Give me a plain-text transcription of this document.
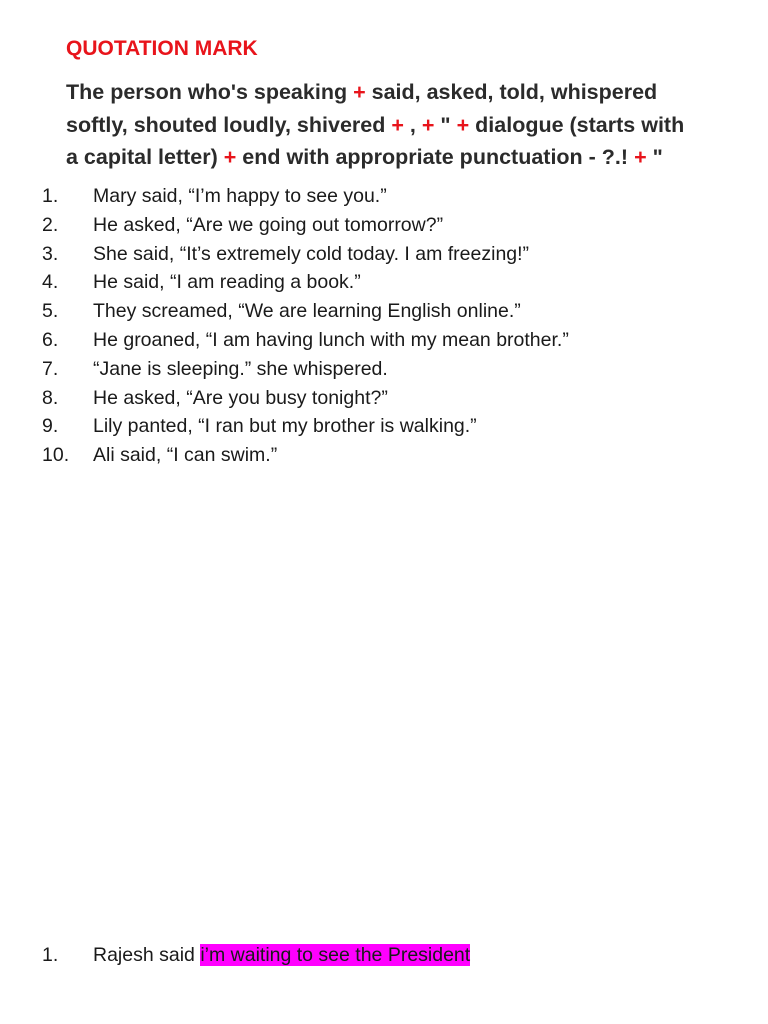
QUOTATION MARK
The person who's speaking + said, asked, told, whispered
softly, shouted loudly, shivered + , + " + dialogue (starts with
a capital letter) + end with appropriate punctuation - ?.! + "
1. Mary said, “I’m happy to see you.”
2. He asked, “Are we going out tomorrow?”
3. She said, “It’s extremely cold today. I am freezing!”
4. He said, “I am reading a book.”
5. They screamed, “We are learning English online.”
6. He groaned, “I am having lunch with my mean brother.”
7. “Jane is sleeping.” she whispered.
8. He asked, “Are you busy tonight?”
9. Lily panted, “I ran but my brother is walking.”
10. Ali said, “I can swim.”
1. Rajesh said i’m waiting to see the President
